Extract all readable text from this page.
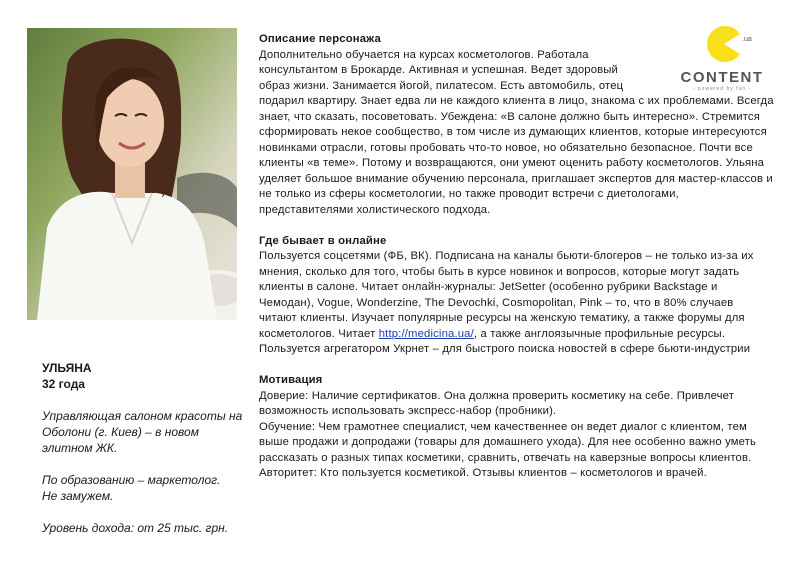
УЛЬЯНА
32 года
Управляющая салоном красоты на Оболони (г. Киев) – в новом элитном ЖК.
По образованию – маркетолог.
Не замужем.
Уровень дохода: от 25 тыс. грн.
.ua
CONTENT
- powered by fun -
Описание персонажа

Дополнительно обучается на курсах косметологов. Работала консультантом в Брокарде. Активная и успешная. Ведет здоровый образ жизни. Занимается йогой, пилатесом. Есть автомобиль, отец подарил квартиру. Знает едва ли не каждого клиента в лицо, знакома с их проблемами. Всегда знает, что сказать, посоветовать. Убеждена: «В салоне должно быть интересно». Стремится сформировать некое сообщество, в том числе из думающих клиентов, которые интересуются новинками отрасли, готовы пробовать что-то новое, но обязательно безопасное. Почти все клиенты «в теме». Потому и возвращаются, они умеют оценить работу косметологов. Ульяна уделяет большое внимание обучению персонала, приглашает экспертов для мастер-классов и не только из сферы косметологии, но также проводит встречи с диетологами, представителями холистического подхода.

Где бывает в онлайне

Пользуется соцсетями (ФБ, ВК). Подписана на каналы бьюти-блогеров – не только из-за их мнения, сколько для того, чтобы быть в курсе новинок и вопросов, которые могут задать клиенты в салоне. Читает онлайн-журналы: JetSetter (особенно рубрики Backstage и Чемодан), Vogue, Wonderzine, The Devochki, Cosmopolitan, Pink – то, что в 80% случаев читают клиенты. Изучает популярные ресурсы на женскую тематику, а также форумы для косметологов. Читает http://medicina.ua/, а также англоязычные профильные ресурсы. Пользуется агрегатором Укрнет – для быстрого поиска новостей в сфере бьюти-индустрии

Мотивация

Доверие: Наличие сертификатов. Она должна проверить косметику на себе. Привлечет возможность использовать экспресс-набор (пробники).

Обучение: Чем грамотнее специалист, чем качественнее он ведет диалог с клиентом, тем выше продажи и допродажи (товары для домашнего ухода). Для нее особенно важно уметь рассказать о разных типах косметики, сравнить, отвечать на каверзные вопросы клиентов.

Авторитет: Кто пользуется косметикой. Отзывы клиентов – косметологов и врачей.
